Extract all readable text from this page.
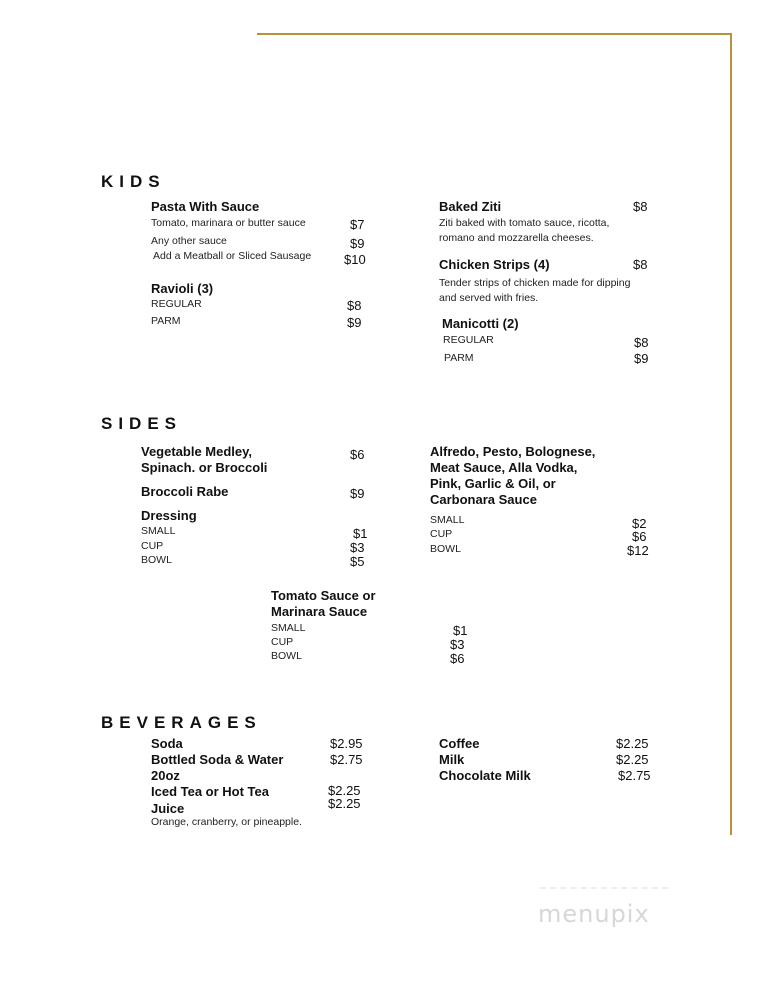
KIDS
Pasta With Sauce
Tomato, marinara or butter sauce	$7
Any other sauce	$9
Add a Meatball or Sliced Sausage	$10
Ravioli (3)
REGULAR	$8
PARM	$9
Baked Ziti	$8
Ziti baked with tomato sauce, ricotta,
romano and mozzarella cheeses.
Chicken Strips (4)	$8
Tender strips of chicken made for dipping
and served with fries.
Manicotti (2)
REGULAR	$8
PARM	$9
SIDES
Vegetable Medley,
Spinach. or Broccoli
$6
Broccoli Rabe	$9
Dressing
SMALL	$1
CUP	$3
BOWL	$5
Alfredo, Pesto, Bolognese,
Meat Sauce, Alla Vodka,
Pink, Garlic & Oil, or
Carbonara Sauce
SMALL	$2
CUP	$6
BOWL	$12
Tomato Sauce or
Marinara Sauce
SMALL	$1
CUP	$3
BOWL	$6
BEVERAGES
Soda	$2.95
Bottled Soda & Water	$2.75
20oz
Iced Tea or Hot Tea	$2.25
Juice	$2.25
Orange, cranberry, or pineapple.
Coffee	$2.25
Milk	$2.25
Chocolate Milk	$2.75
menupix
